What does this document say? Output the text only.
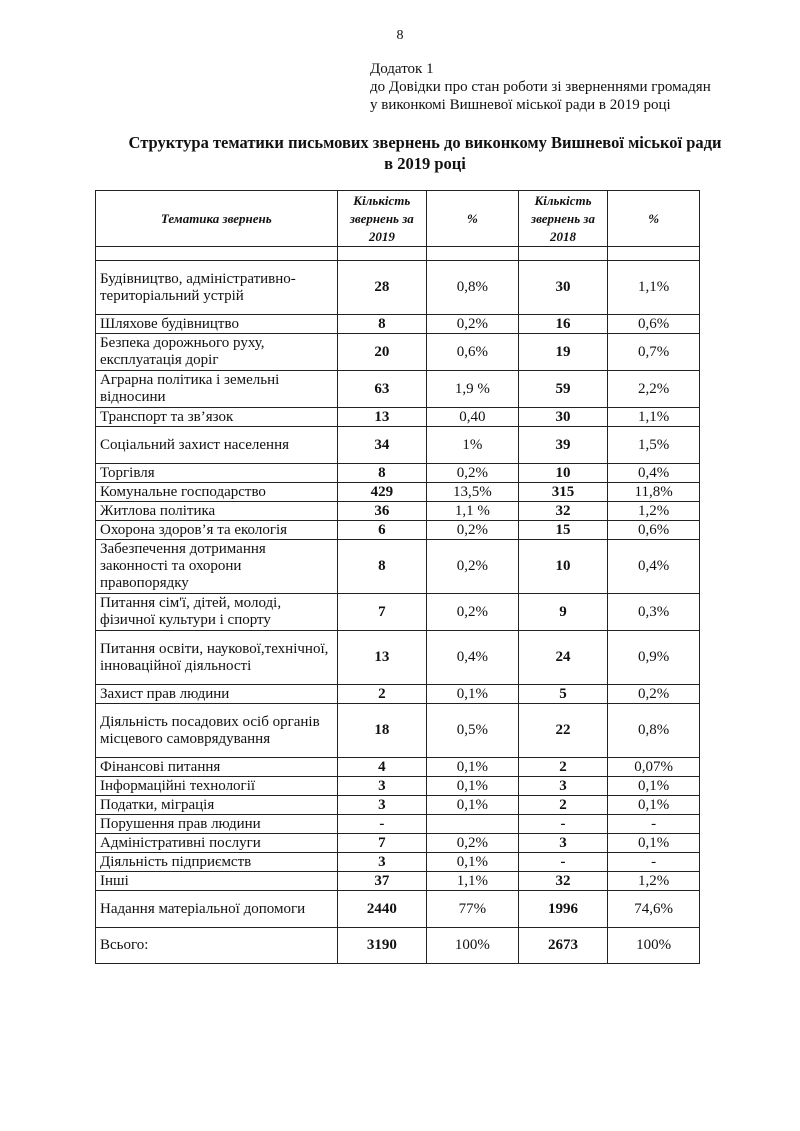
8
Додаток 1
до Довідки про стан роботи зі зверненнями громадян
у виконкомі Вишневої міської ради в 2019 році
Структура тематики письмових звернень до виконкому Вишневої міської ради
в 2019 році
Тематика звернень	Кількість звернень за 2019	%	Кількість звернень за 2018	%

Будівництво, адміністративно-територіальний устрій	28	0,8%	30	1,1%
Шляхове будівництво	8	0,2%	16	0,6%
Безпека дорожнього руху, експлуатація доріг	20	0,6%	19	0,7%
Аграрна політика і земельні відносини	63	1,9 %	59	2,2%
Транспорт та зв’язок	13	0,40	30	1,1%
Соціальний захист населення	34	1%	39	1,5%
Торгівля	8	0,2%	10	0,4%
Комунальне господарство	429	13,5%	315	11,8%
Житлова політика	36	1,1 %	32	1,2%
Охорона здоров’я та екологія	6	0,2%	15	0,6%
Забезпечення дотримання законності та охорони правопорядку	8	0,2%	10	0,4%
Питання сім'ї, дітей, молоді, фізичної культури і спорту	7	0,2%	9	0,3%
Питання освіти, наукової,технічної, інноваційної діяльності	13	0,4%	24	0,9%
Захист прав людини	2	0,1%	5	0,2%
Діяльність посадових осіб органів місцевого самоврядування	18	0,5%	22	0,8%
Фінансові питання	4	0,1%	2	0,07%
Інформаційні технології	3	0,1%	3	0,1%
Податки, міграція	3	0,1%	2	0,1%
Порушення прав людини	-		-	-
Адміністративні послуги	7	0,2%	3	0,1%
Діяльність підприємств	3	0,1%	-	-
Інші	37	1,1%	32	1,2%
Надання матеріальної допомоги	2440	77%	1996	74,6%
Всього:	3190	100%	2673	100%
